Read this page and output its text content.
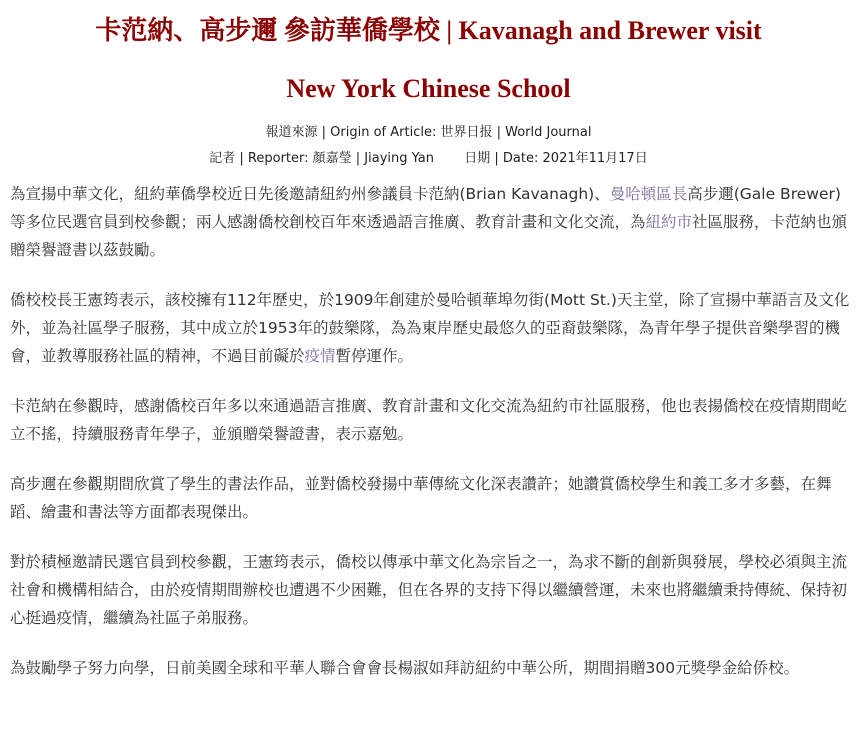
卡范納、高步邇 參訪華僑學校 | Kavanagh and Brewer visit
New York Chinese School
報道來源 | Origin of Article: 世界日报 | World Journal
記者 | Reporter: 顏嘉瑩 | Jiaying Yan 日期 | Date: 2021年11月17日

為宣揚中華文化，紐約華僑學校近日先後邀請紐約州參議員卡范納(Brian Kavanagh)、曼哈頓區長高步邇(Gale Brewer)等多位民選官員到校參觀；兩人感謝僑校創校百年來透過語言推廣、教育計畫和文化交流，為紐約市社區服務，卡范納也頒贈榮譽證書以茲鼓勵。

僑校校長王憲筠表示，該校擁有112年歷史，於1909年創建於曼哈頓華埠勿街(Mott St.)天主堂，除了宣揚中華語言及文化外，並為社區學子服務，其中成立於1953年的鼓樂隊，為為東岸歷史最悠久的亞裔鼓樂隊，為青年學子提供音樂學習的機會，並教導服務社區的精神，不過目前礙於疫情暫停運作。

卡范納在參觀時，感謝僑校百年多以來通過語言推廣、教育計畫和文化交流為紐約市社區服務，他也表揚僑校在疫情期間屹立不搖，持續服務青年學子，並頒贈榮譽證書，表示嘉勉。

高步邇在參觀期間欣賞了學生的書法作品，並對僑校發揚中華傳統文化深表讚許；她讚賞僑校學生和義工多才多藝，在舞蹈、繪畫和書法等方面都表現傑出。

對於積極邀請民選官員到校參觀，王憲筠表示，僑校以傳承中華文化為宗旨之一，為求不斷的創新與發展，學校必須與主流社會和機構相結合，由於疫情期間辦校也遭遇不少困難，但在各界的支持下得以繼續營運，未來也將繼續秉持傳統、保持初心挺過疫情，繼續為社區子弟服務。

為鼓勵學子努力向學，日前美國全球和平華人聯合會會長楊淑如拜訪紐約中華公所，期間捐贈300元獎學金給侨校。
